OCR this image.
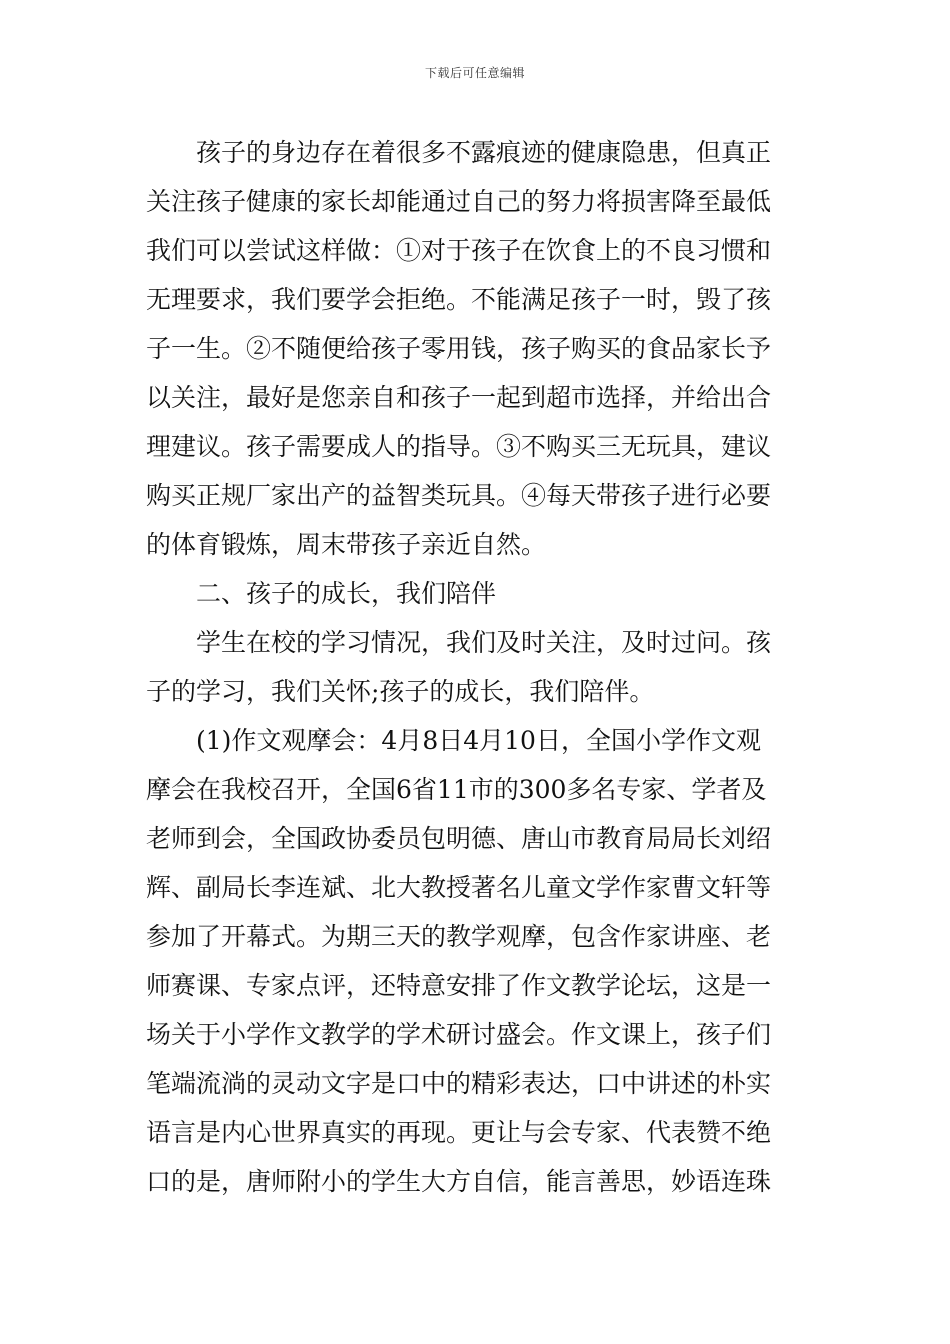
下载后可任意编辑
孩子的身边存在着很多不露痕迹的健康隐患，但真正
关注孩子健康的家长却能通过自己的努力将损害降至最低
我们可以尝试这样做：①对于孩子在饮食上的不良习惯和
无理要求，我们要学会拒绝。不能满足孩子一时，毁了孩
子一生。②不随便给孩子零用钱，孩子购买的食品家长予
以关注，最好是您亲自和孩子一起到超市选择，并给出合
理建议。孩子需要成人的指导。③不购买三无玩具，建议
购买正规厂家出产的益智类玩具。④每天带孩子进行必要
的体育锻炼，周末带孩子亲近自然。
二、孩子的成长，我们陪伴
学生在校的学习情况，我们及时关注，及时过问。孩
子的学习，我们关怀;孩子的成长，我们陪伴。
(1)作文观摩会：4月8日4月10日，全国小学作文观
摩会在我校召开，全国6省11市的300多名专家、学者及
老师到会，全国政协委员包明德、唐山市教育局局长刘绍
辉、副局长李连斌、北大教授著名儿童文学作家曹文轩等
参加了开幕式。为期三天的教学观摩，包含作家讲座、老
师赛课、专家点评，还特意安排了作文教学论坛，这是一
场关于小学作文教学的学术研讨盛会。作文课上，孩子们
笔端流淌的灵动文字是口中的精彩表达，口中讲述的朴实
语言是内心世界真实的再现。更让与会专家、代表赞不绝
口的是，唐师附小的学生大方自信，能言善思，妙语连珠
